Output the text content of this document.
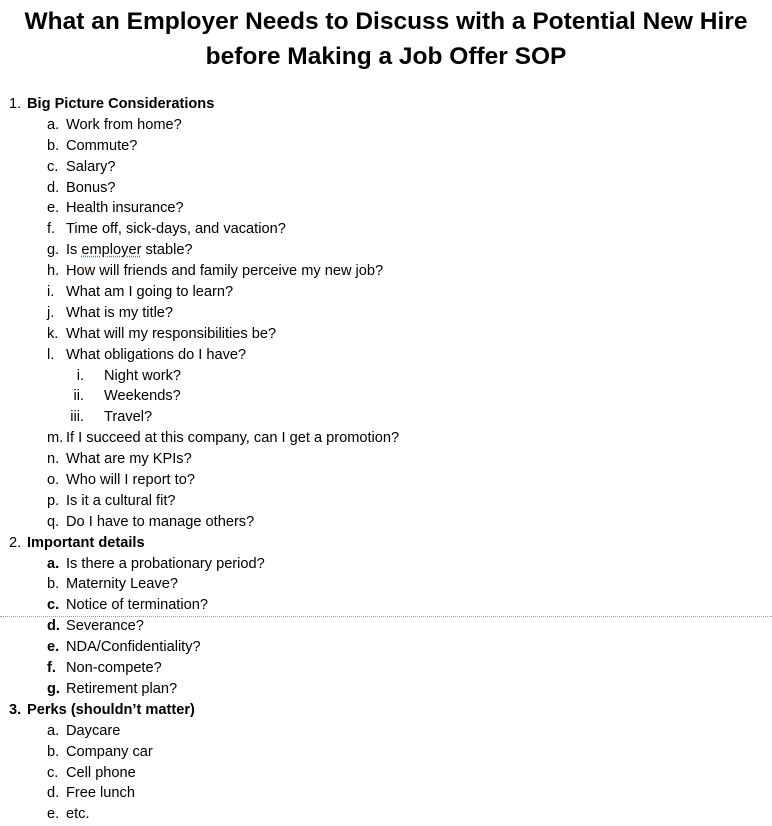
What an Employer Needs to Discuss with a Potential New Hire
before Making a Job Offer SOP
1. Big Picture Considerations
a. Work from home?
b. Commute?
c. Salary?
d. Bonus?
e. Health insurance?
f. Time off, sick-days, and vacation?
g. Is employer stable?
h. How will friends and family perceive my new job?
i. What am I going to learn?
j. What is my title?
k. What will my responsibilities be?
l. What obligations do I have?
i. Night work?
ii. Weekends?
iii. Travel?
m. If I succeed at this company, can I get a promotion?
n. What are my KPIs?
o. Who will I report to?
p. Is it a cultural fit?
q. Do I have to manage others?
2. Important details
a. Is there a probationary period?
b. Maternity Leave?
c. Notice of termination?
d. Severance?
e. NDA/Confidentiality?
f. Non-compete?
g. Retirement plan?
3. Perks (shouldn’t matter)
a. Daycare
b. Company car
c. Cell phone
d. Free lunch
e. etc.
